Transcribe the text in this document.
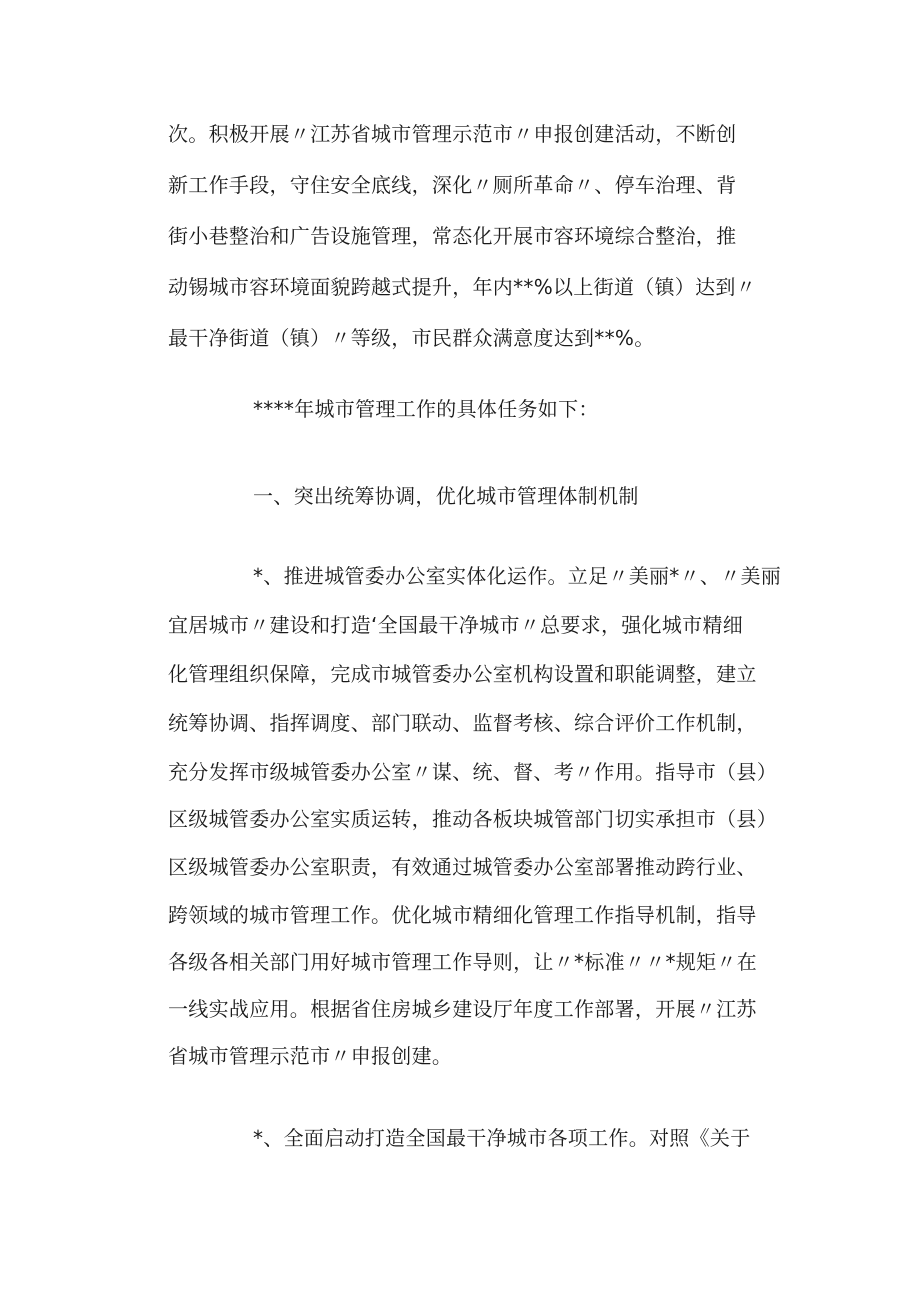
次。积极开展〃江苏省城市管理示范市〃申报创建活动，不断创
新工作手段，守住安全底线，深化〃厕所革命〃、停车治理、背
街小巷整治和广告设施管理，常态化开展市容环境综合整治，推
动锡城市容环境面貌跨越式提升，年内**%以上街道（镇）达到〃
最干净街道（镇）〃等级，市民群众满意度达到**%。
****年城市管理工作的具体任务如下：
一、突出统筹协调，优化城市管理体制机制
*、推进城管委办公室实体化运作。立足〃美丽*〃、〃美丽
宜居城市〃建设和打造‘全国最干净城市〃总要求，强化城市精细
化管理组织保障，完成市城管委办公室机构设置和职能调整，建立
统筹协调、指挥调度、部门联动、监督考核、综合评价工作机制，
充分发挥市级城管委办公室〃谋、统、督、考〃作用。指导市（县）
区级城管委办公室实质运转，推动各板块城管部门切实承担市（县）
区级城管委办公室职责，有效通过城管委办公室部署推动跨行业、
跨领域的城市管理工作。优化城市精细化管理工作指导机制，指导
各级各相关部门用好城市管理工作导则，让〃*标准〃〃*规矩〃在
一线实战应用。根据省住房城乡建设厅年度工作部署，开展〃江苏
省城市管理示范市〃申报创建。
*、全面启动打造全国最干净城市各项工作。对照《关于
